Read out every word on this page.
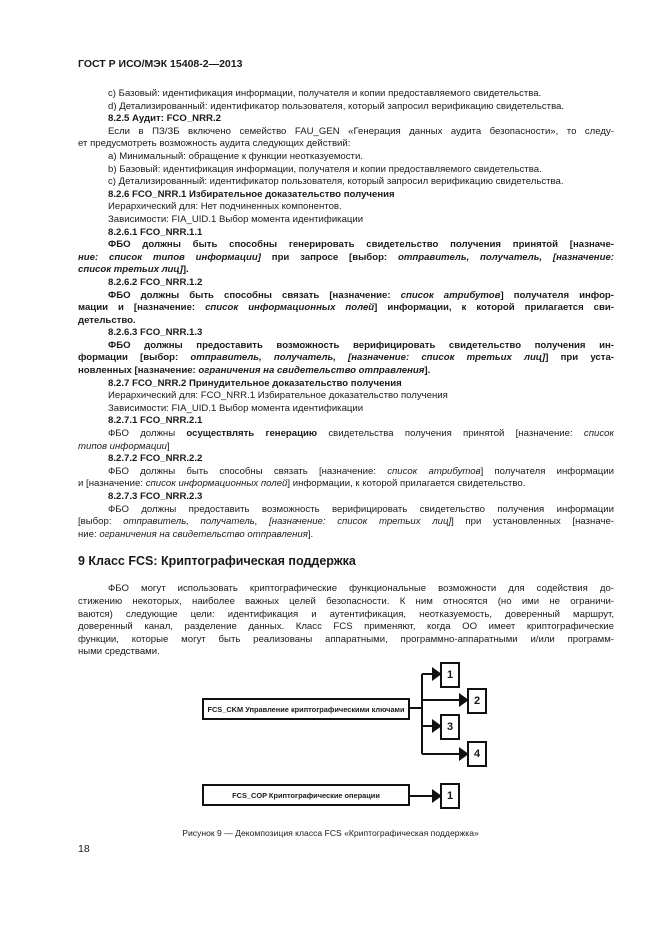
ГОСТ Р ИСО/МЭК 15408-2—2013
c) Базовый: идентификация информации, получателя и копии предоставляемого свидетельства.
d) Детализированный: идентификатор пользователя, который запросил верификацию свидетельства.
8.2.5 Аудит: FCO_NRR.2
Если в ПЗ/ЗБ включено семейство FAU_GEN «Генерация данных аудита безопасности», то следу-
ет предусмотреть возможность аудита следующих действий:
a) Минимальный: обращение к функции неотказуемости.
b) Базовый: идентификация информации, получателя и копии предоставляемого свидетельства.
c) Детализированный: идентификатор пользователя, который запросил верификацию свидетельства.
8.2.6 FCO_NRR.1 Избирательное доказательство получения
Иерархический для: Нет подчиненных компонентов.
Зависимости: FIA_UID.1 Выбор момента идентификации
8.2.6.1 FCO_NRR.1.1
ФБО должны быть способны генерировать свидетельство получения принятой [назначе-
ние: список типов информации] при запросе [выбор: отправитель, получатель, [назначение:
список третьих лиц]].
8.2.6.2 FCO_NRR.1.2
ФБО должны быть способны связать [назначение: список атрибутов] получателя инфор-
мации и [назначение: список информационных полей] информации, к которой прилагается сви-
детельство.
8.2.6.3 FCO_NRR.1.3
ФБО должны предоставить возможность верифицировать свидетельство получения ин-
формации [выбор: отправитель, получатель, [назначение: список третьих лиц]] при уста-
новленных [назначение: ограничения на свидетельство отправления].
8.2.7 FCO_NRR.2 Принудительное доказательство получения
Иерархический для: FCO_NRR.1 Избирательное доказательство получения
Зависимости: FIA_UID.1 Выбор момента идентификации
8.2.7.1 FCO_NRR.2.1
ФБО должны осуществлять генерацию свидетельства получения принятой [назначение: список
типов информации]
8.2.7.2 FCO_NRR.2.2
ФБО должны быть способны связать [назначение: список атрибутов] получателя информации
и [назначение: список информационных полей] информации, к которой прилагается свидетельство.
8.2.7.3 FCO_NRR.2.3
ФБО должны предоставить возможность верифицировать свидетельство получения информации
[выбор: отправитель, получатель, [назначение: список третьих лиц]] при установленных [назначе-
ние: ограничения на свидетельство отправления].
9 Класс FCS: Криптографическая поддержка
ФБО могут использовать криптографические функциональные возможности для содействия до-
стижению некоторых, наиболее важных целей безопасности. К ним относятся (но ими не ограничи-
ваются) следующие цели: идентификация и аутентификация, неотказуемость, доверенный маршрут,
доверенный канал, разделение данных. Класс FCS применяют, когда ОО имеет криптографические
функции, которые могут быть реализованы аппаратными, программно-аппаратными и/или программ-
ными средствами.
FCS_CKM Управление криптографическими ключами
FCS_COP Криптографические операции
1
2
3
4
1
Рисунок 9 — Декомпозиция класса FCS «Криптографическая поддержка»
18
